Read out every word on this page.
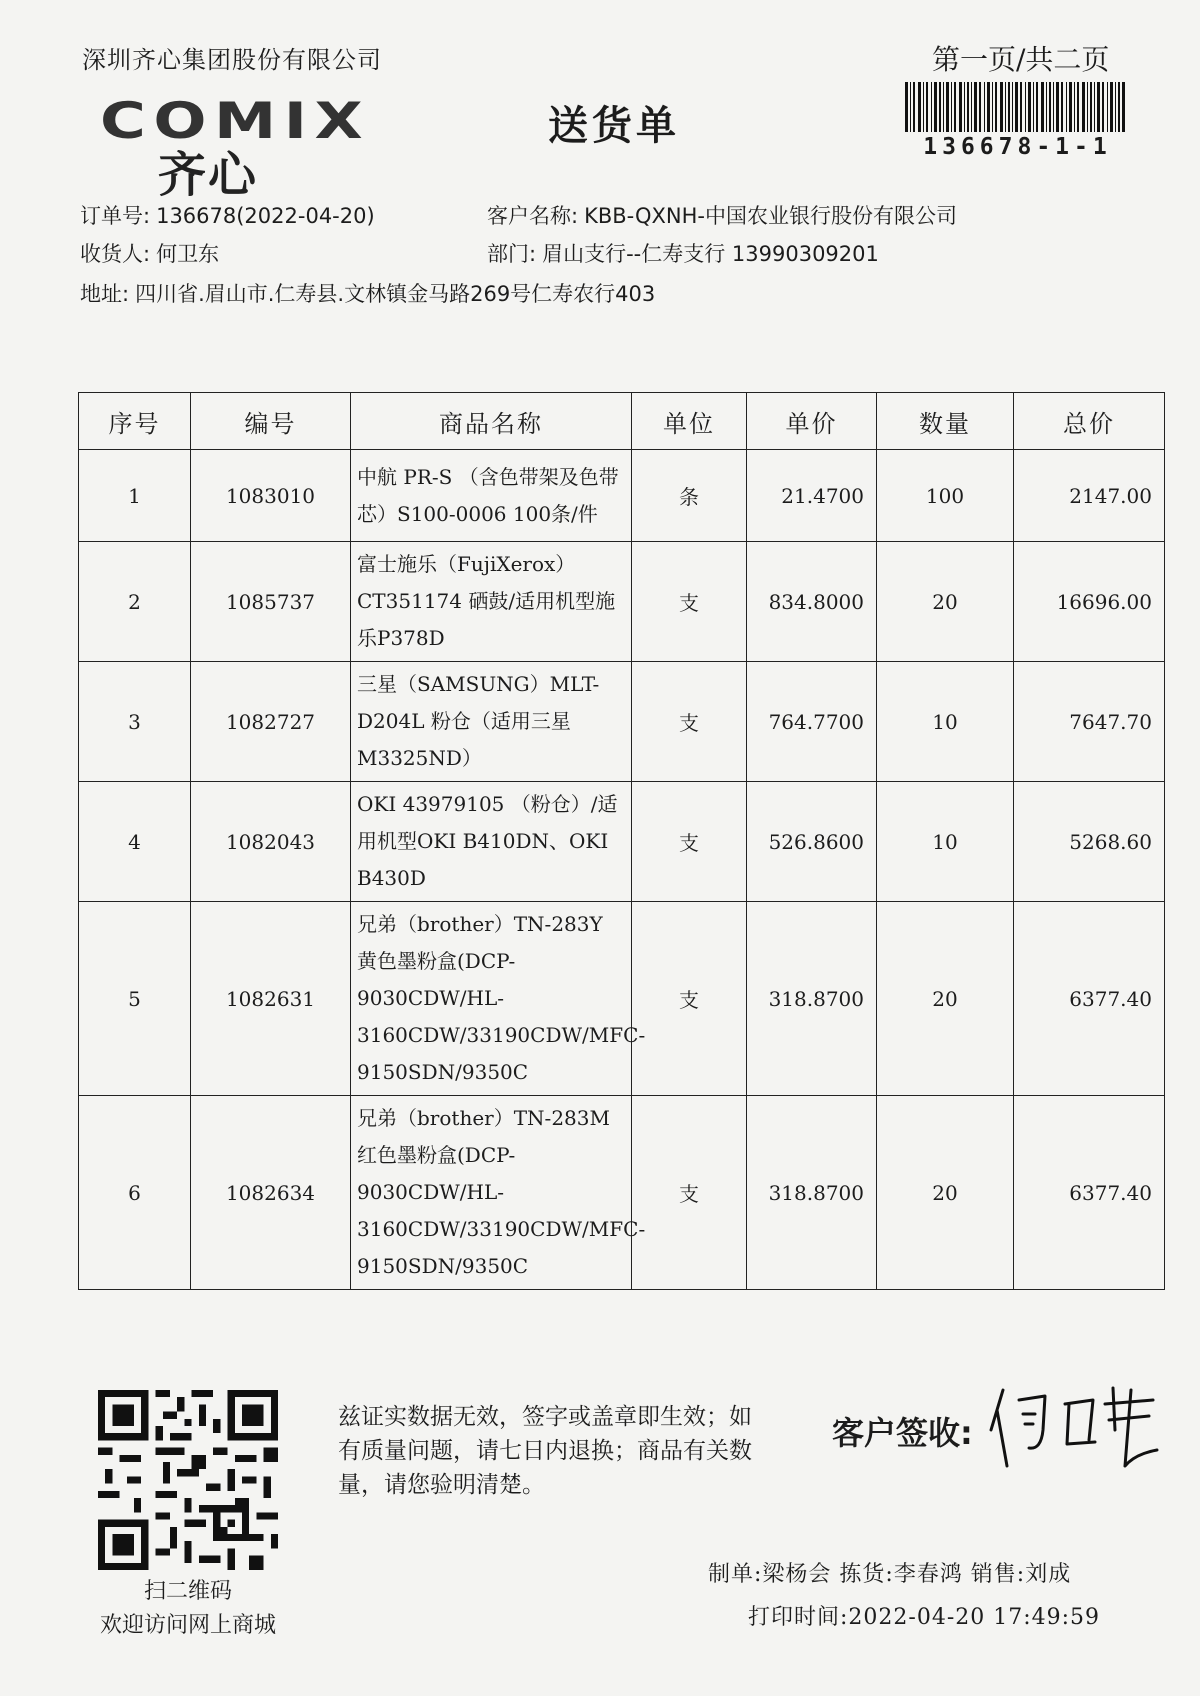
深圳齐心集团股份有限公司
COMIX
齐心
送货单
第一页/共二页
136678-1-1
订单号: 136678(2022-04-20)
收货人: 何卫东
地址: 四川省.眉山市.仁寿县.文林镇金马路269号仁寿农行403
客户名称: KBB-QXNH-中国农业银行股份有限公司
部门: 眉山支行--仁寿支行 13990309201
序号	编号	商品名称	单位	单价	数量	总价
1	1083010	中航 PR-S （含色带架及色带芯）S100-0006 100条/件	条	21.4700	100	2147.00
2	1085737	富士施乐（FujiXerox）CT351174 硒鼓/适用机型施乐P378D	支	834.8000	20	16696.00
3	1082727	三星（SAMSUNG）MLT-D204L 粉仓（适用三星M3325ND）	支	764.7700	10	7647.70
4	1082043	OKI 43979105 （粉仓）/适用机型OKI B410DN、OKI B430D	支	526.8600	10	5268.60
5	1082631	兄弟（brother）TN-283Y 黄色墨粉盒(DCP-9030CDW/HL-3160CDW/33190CDW/MFC-9150SDN/9350C	支	318.8700	20	6377.40
6	1082634	兄弟（brother）TN-283M 红色墨粉盒(DCP-9030CDW/HL-3160CDW/33190CDW/MFC-9150SDN/9350C	支	318.8700	20	6377.40
扫二维码
欢迎访问网上商城
兹证实数据无效，签字或盖章即生效；如有质量问题，请七日内退换；商品有关数量，请您验明清楚。
客户签收:
制单:梁杨会 拣货:李春鸿 销售:刘成
打印时间:2022-04-20 17:49:59
